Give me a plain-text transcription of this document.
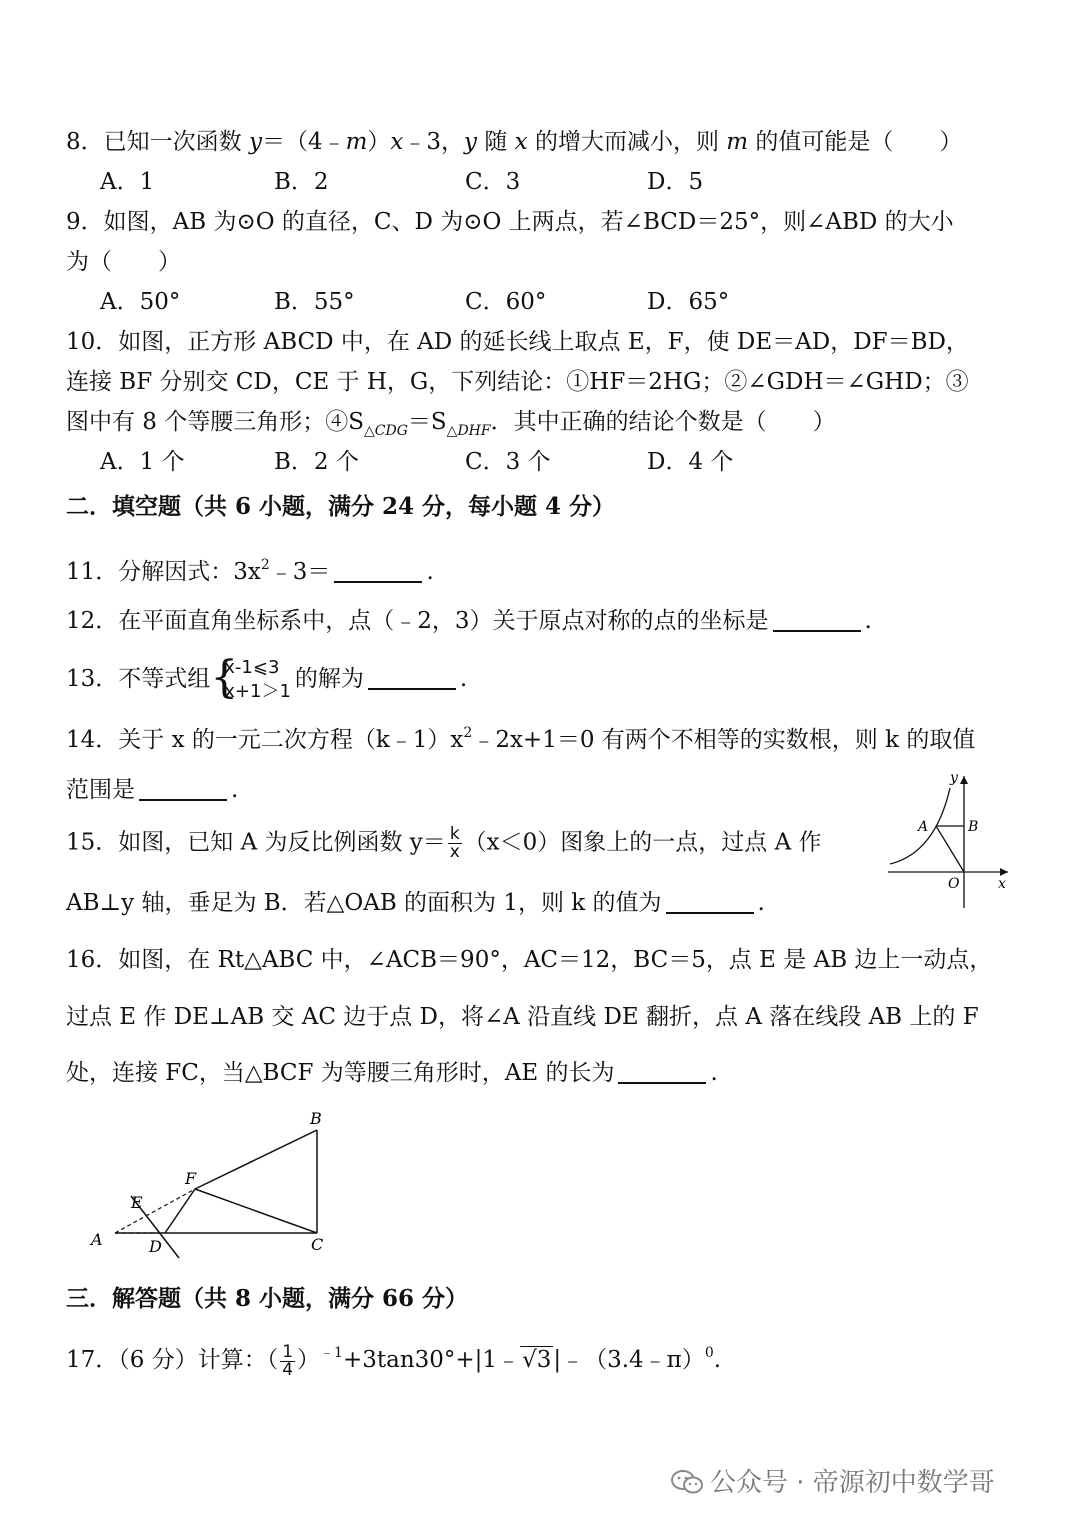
8．已知一次函数 y＝（4﹣m）x﹣3，y 随 x 的增大而减小，则 m 的值可能是（　　）
A．1	B．2	C．3	D．5
9．如图，AB 为⊙O 的直径，C、D 为⊙O 上两点，若∠BCD＝25°，则∠ABD 的大小
为（　　）
A．50°	B．55°	C．60°	D．65°
10．如图，正方形 ABCD 中，在 AD 的延长线上取点 E，F，使 DE＝AD，DF＝BD，
连接 BF 分别交 CD，CE 于 H，G，下列结论：①HF＝2HG；②∠GDH＝∠GHD；③
图中有 8 个等腰三角形；$④S_{\triangle CDG}=S_{\triangle DHF}$．其中正确的结论个数是（　　）
A．1 个	B．2 个	C．3 个	D．4 个
二．填空题（共 6 小题，满分 24 分，每小题 4 分）
11．分解因式：$3x^2﹣3=$	.
12．在平面直角坐标系中，点（﹣2，3）关于原点对称的点的坐标是	.
13．不等式组 {
x-1⩽3
x+1＞1 的解为	.
14．关于 x 的一元二次方程$(k﹣1)x^2﹣2x+1=0$ 有两个不相等的实数根，则 k 的取值
范围是	.
15．如图，已知 A 为反比例函数 $y= \frac{k}{x} (x<0)$图象上的一点，过点 A 作
AB⊥y 轴，垂足为 B．若△OAB 的面积为 1，则 k 的值为	.
y
x
A	B
O
16．如图，在 Rt△ABC 中，∠ACB＝90°，AC＝12，BC＝5，点 E 是 AB 边上一动点，
过点 E 作 DE⊥AB 交 AC 边于点 D，将∠A 沿直线 DE 翻折，点 A 落在线段 AB 上的 F
处，连接 FC，当△BCF 为等腰三角形时，AE 的长为	.
A
B
C
D
E
F
三．解答题（共 8 小题，满分 66 分）
17．（6 分）计算：（ $\frac{1}{4}$ ）$^{﹣1}$+3tan30°+|1﹣√3|﹣（3.4﹣π）$^0$.
公众号 · 帝源初中数学哥
